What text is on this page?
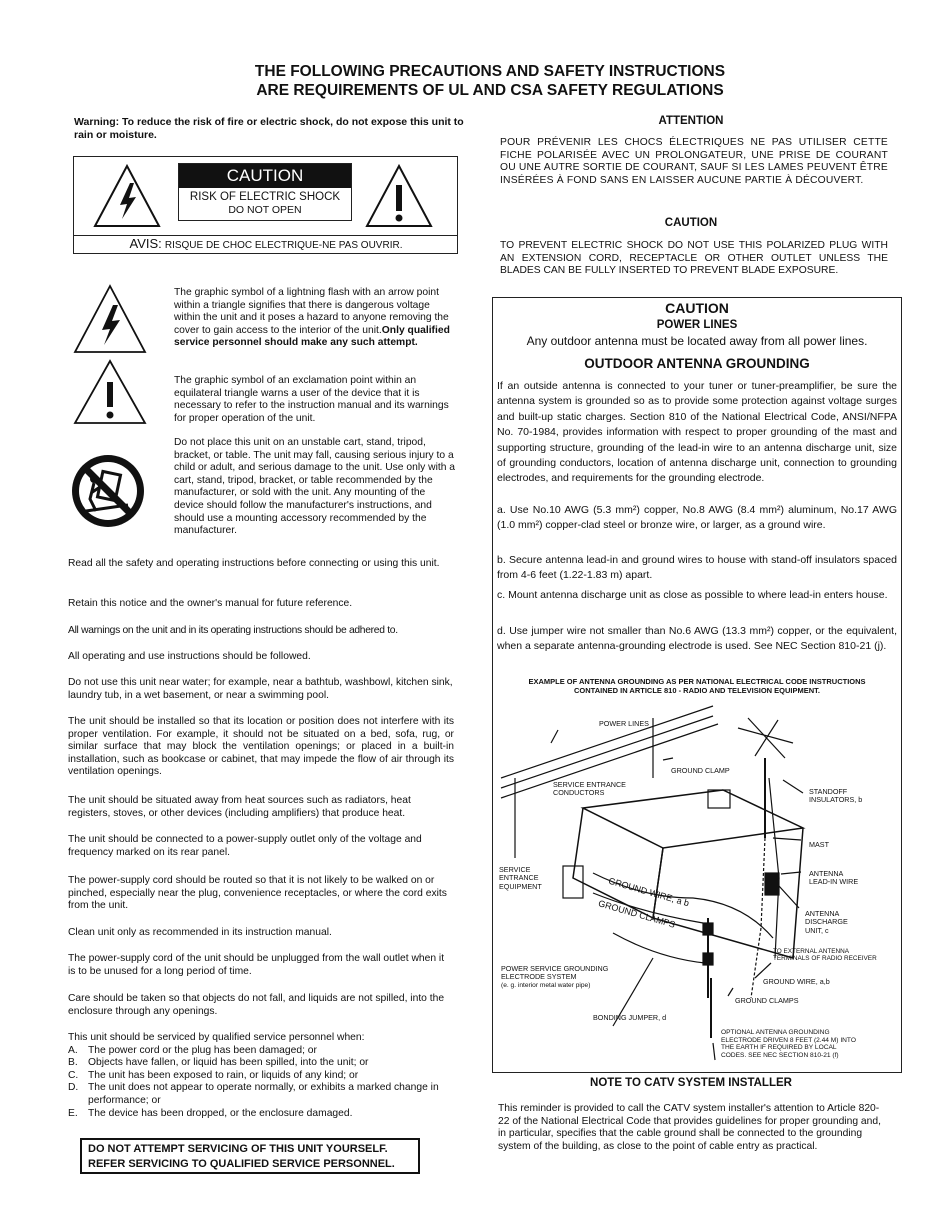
THE FOLLOWING PRECAUTIONS AND SAFETY INSTRUCTIONS
ARE REQUIREMENTS OF UL AND CSA SAFETY REGULATIONS
Warning: To reduce the risk of fire or electric shock, do not expose this unit to rain or moisture.
CAUTION
RISK OF ELECTRIC SHOCK
DO NOT OPEN
AVIS: RISQUE DE CHOC ELECTRIQUE-NE PAS OUVRIR.

The graphic symbol of a lightning flash with an arrow point within a triangle signifies that there is dangerous voltage within the unit and it poses a hazard to anyone removing the cover to gain access to the interior of the unit.Only qualified service personnel should make any such attempt.

The graphic symbol of an exclamation point within an equilateral triangle warns a user of the device that it is necessary to refer to the instruction manual and its warnings for proper operation of the unit.

Do not place this unit on an unstable cart, stand, tripod, bracket, or table. The unit may fall, causing serious injury to a child or adult, and serious damage to the unit. Use only with a cart, stand, tripod, bracket, or table recommended by the manufacturer, or sold with the unit. Any mounting of the device should follow the manufacturer's instructions, and should use a mounting accessory recommended by the manufacturer.

Read all the safety and operating instructions before connecting or using this unit.

Retain this notice and the owner's manual for future reference.

All warnings on the unit and in its operating instructions should be adhered to.

All operating and use instructions should be followed.

Do not use this unit near water; for example, near a bathtub, washbowl, kitchen sink, laundry tub, in a wet basement, or near a swimming pool.

The unit should be installed so that its location or position does not interfere with its proper ventilation. For example, it should not be situated on a bed, sofa, rug, or similar surface that may block the ventilation openings; or placed in a built-in installation, such as bookcase or cabinet, that may impede the flow of air through its ventilation openings.

The unit should be situated away from heat sources such as radiators, heat registers, stoves, or other devices (including amplifiers) that produce heat.

The unit should be connected to a power-supply outlet only of the voltage and frequency marked on its rear panel.

The power-supply cord should be routed so that it is not likely to be walked on or pinched, especially near the plug, convenience receptacles, or where the cord exits from the unit.

Clean unit only as recommended in its instruction manual.

The power-supply cord of the unit should be unplugged from the wall outlet when it is to be unused for a long period of time.

Care should be taken so that objects do not fall, and liquids are not spilled, into the enclosure through any openings.

This unit should be serviced by qualified service personnel when:

A. The power cord or the plug has been damaged; or
B. Objects have fallen, or liquid has been spilled, into the unit; or
C. The unit has been exposed to rain, or liquids of any kind; or
D. The unit does not appear to operate normally, or exhibits a marked change in performance; or
E. The device has been dropped, or the enclosure damaged.
DO NOT ATTEMPT SERVICING OF THIS UNIT YOURSELF.
REFER SERVICING TO QUALIFIED SERVICE PERSONNEL.
ATTENTION
POUR PRÉVENIR LES CHOCS ÉLECTRIQUES NE PAS UTILISER CETTE FICHE POLARISÉE AVEC UN PROLONGATEUR, UNE PRISE DE COURANT OU UNE AUTRE SORTIE DE COURANT, SAUF SI LES LAMES PEUVENT ÊTRE INSÉRÉES À FOND SANS EN LAISSER AUCUNE PARTIE À DÉCOUVERT.
CAUTION
TO PREVENT ELECTRIC SHOCK DO NOT USE THIS POLARIZED PLUG WITH AN EXTENSION CORD, RECEPTACLE OR OTHER OUTLET UNLESS THE BLADES CAN BE FULLY INSERTED TO PREVENT BLADE EXPOSURE.
CAUTION
POWER LINES
Any outdoor antenna must be located away from all power lines.
OUTDOOR ANTENNA GROUNDING

If an outside antenna is connected to your tuner or tuner-preamplifier, be sure the antenna system is grounded so as to provide some protection against voltage surges and built-up static charges. Section 810 of the National Electrical Code, ANSI/NFPA No. 70-1984, provides information with respect to proper grounding of the mast and supporting structure, grounding of the lead-in wire to an antenna discharge unit, size of grounding conductors, location of antenna discharge unit, connection to grounding electrodes, and requirements for the grounding electrode.

a. Use No.10 AWG (5.3 mm²) copper, No.8 AWG (8.4 mm²) aluminum, No.17 AWG (1.0 mm²) copper-clad steel or bronze wire, or larger, as a ground wire.

b. Secure antenna lead-in and ground wires to house with stand-off insulators spaced from 4-6 feet (1.22-1.83 m) apart.

c. Mount antenna discharge unit as close as possible to where lead-in enters house.

d. Use jumper wire not smaller than No.6 AWG (13.3 mm²) copper, or the equivalent, when a separate antenna-grounding electrode is used. See NEC Section 810-21 (j).

EXAMPLE OF ANTENNA GROUNDING AS PER NATIONAL ELECTRICAL CODE INSTRUCTIONS
CONTAINED IN ARTICLE 810 - RADIO AND TELEVISION EQUIPMENT.
POWER LINES
GROUND CLAMP
SERVICE ENTRANCE
CONDUCTORS	STANDOFF
INSULATORS, b
MAST
SERVICE
ENTRANCE
EQUIPMENT
ANTENNA
LEAD-IN WIRE
GROUND WIRE, a b
GROUND CLAMPS	ANTENNA
DISCHARGE
UNIT, c
TO EXTERNAL ANTENNA
TERMINALS OF RADIO RECEIVER
POWER SERVICE GROUNDING
ELECTRODE SYSTEM
(e. g. interior metal water pipe)	GROUND WIRE, a,b
GROUND CLAMPS
BONDING JUMPER, d
OPTIONAL ANTENNA GROUNDING
ELECTRODE DRIVEN 8 FEET (2.44 M) INTO
THE EARTH IF REQUIRED BY LOCAL
CODES. SEE NEC SECTION 810-21 (f)
NOTE TO CATV SYSTEM INSTALLER
This reminder is provided to call the CATV system installer's attention to Article 820-22 of the National Electrical Code that provides guidelines for proper grounding and, in particular, specifies that the cable ground shall be connected to the grounding system of the building, as close to the point of cable entry as practical.
